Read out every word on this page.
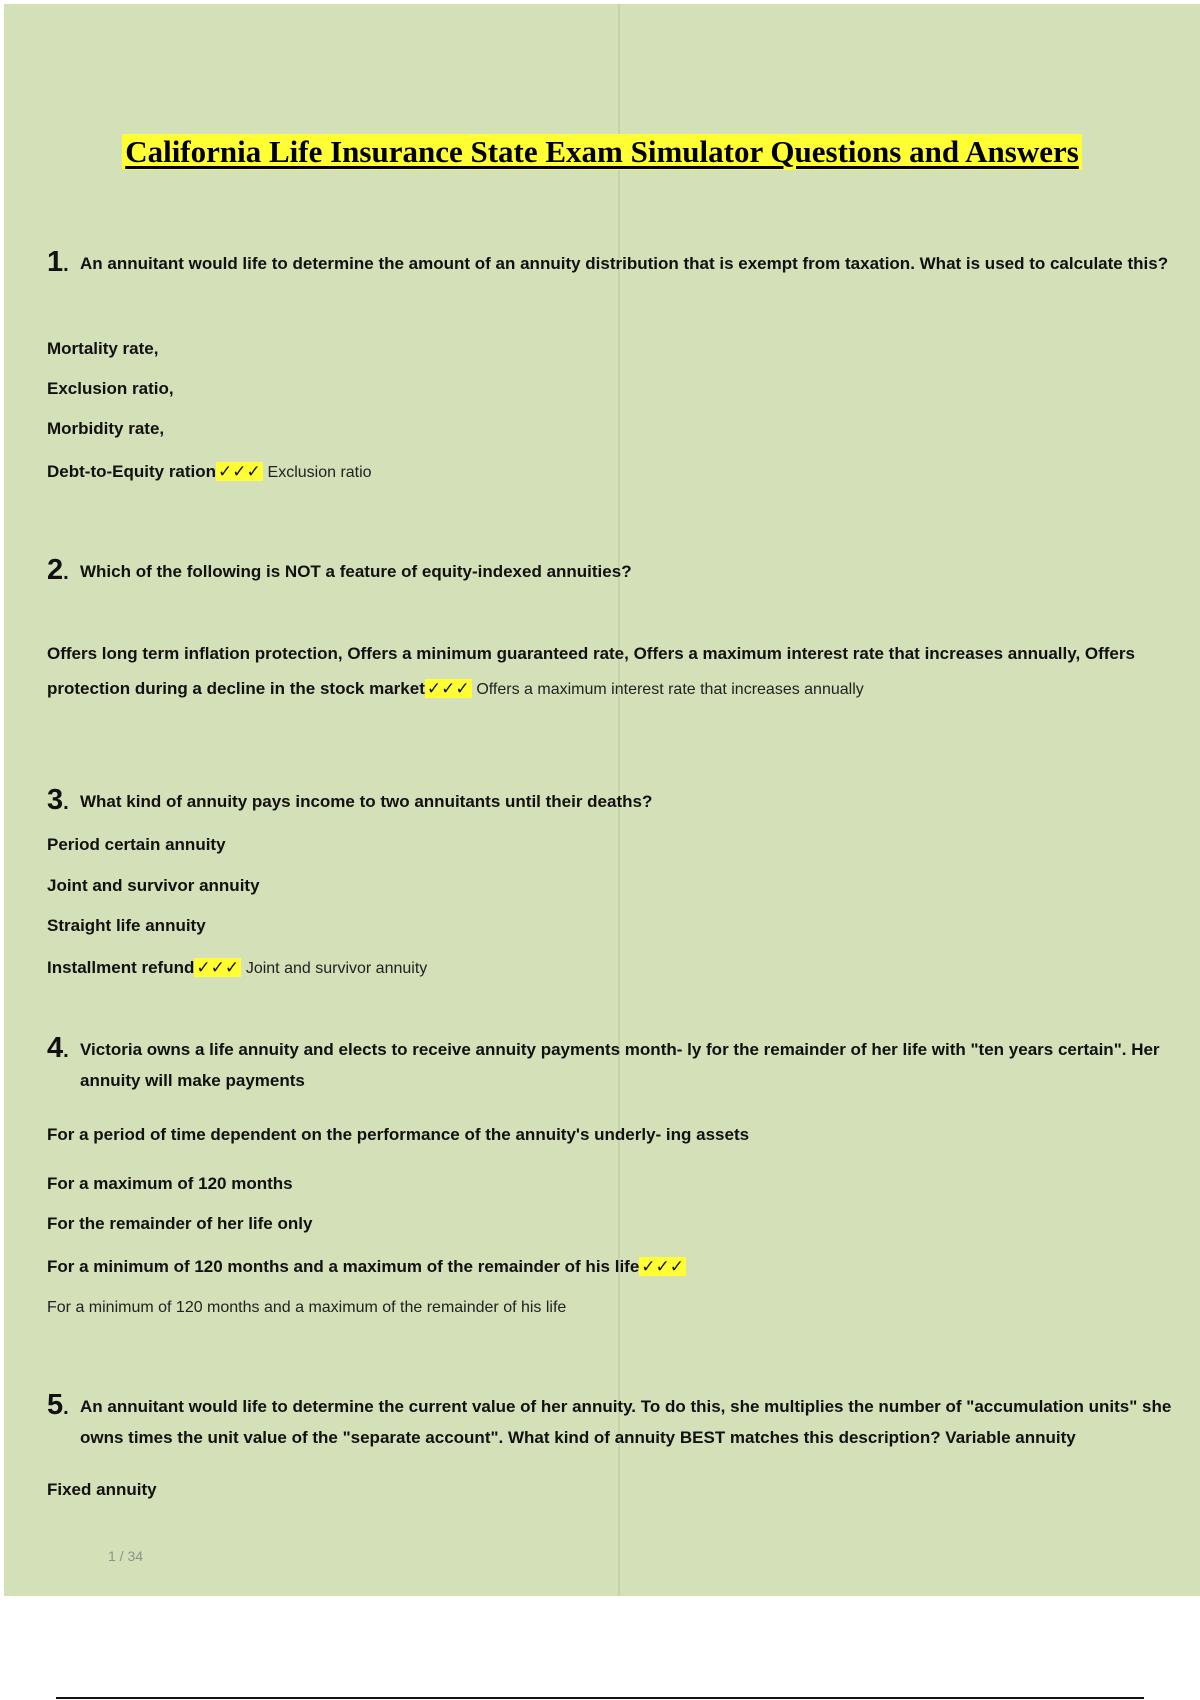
California Life Insurance State Exam Simulator Questions and Answers
1 . An annuitant would life to determine the amount of an annuity distribution that is exempt from taxation. What is used to calculate this?
Mortality rate,
Exclusion ratio,
Morbidity rate,
Debt-to-Equity ration ✓✓✓ Exclusion ratio
2 . Which of the following is NOT a feature of equity-indexed annuities?
Offers long term inflation protection, Offers a minimum guaranteed rate, Offers a maximum interest rate that increases annually, Offers protection during a decline in the stock market ✓✓✓ Offers a maximum interest rate that increases annually
3 . What kind of annuity pays income to two annuitants until their deaths?
Period certain annuity
Joint and survivor annuity
Straight life annuity
Installment refund ✓✓✓ Joint and survivor annuity
4 . Victoria owns a life annuity and elects to receive annuity payments month- ly for the remainder of her life with "ten years certain". Her annuity will make payments
For a period of time dependent on the performance of the annuity's underly- ing assets
For a maximum of 120 months
For the remainder of her life only
For a minimum of 120 months and a maximum of the remainder of his life ✓✓✓
For a minimum of 120 months and a maximum of the remainder of his life
5 . An annuitant would life to determine the current value of her annuity. To do this, she multiplies the number of "accumulation units" she owns times the unit value of the "separate account". What kind of annuity BEST matches this description? Variable annuity
Fixed annuity
1 / 34
